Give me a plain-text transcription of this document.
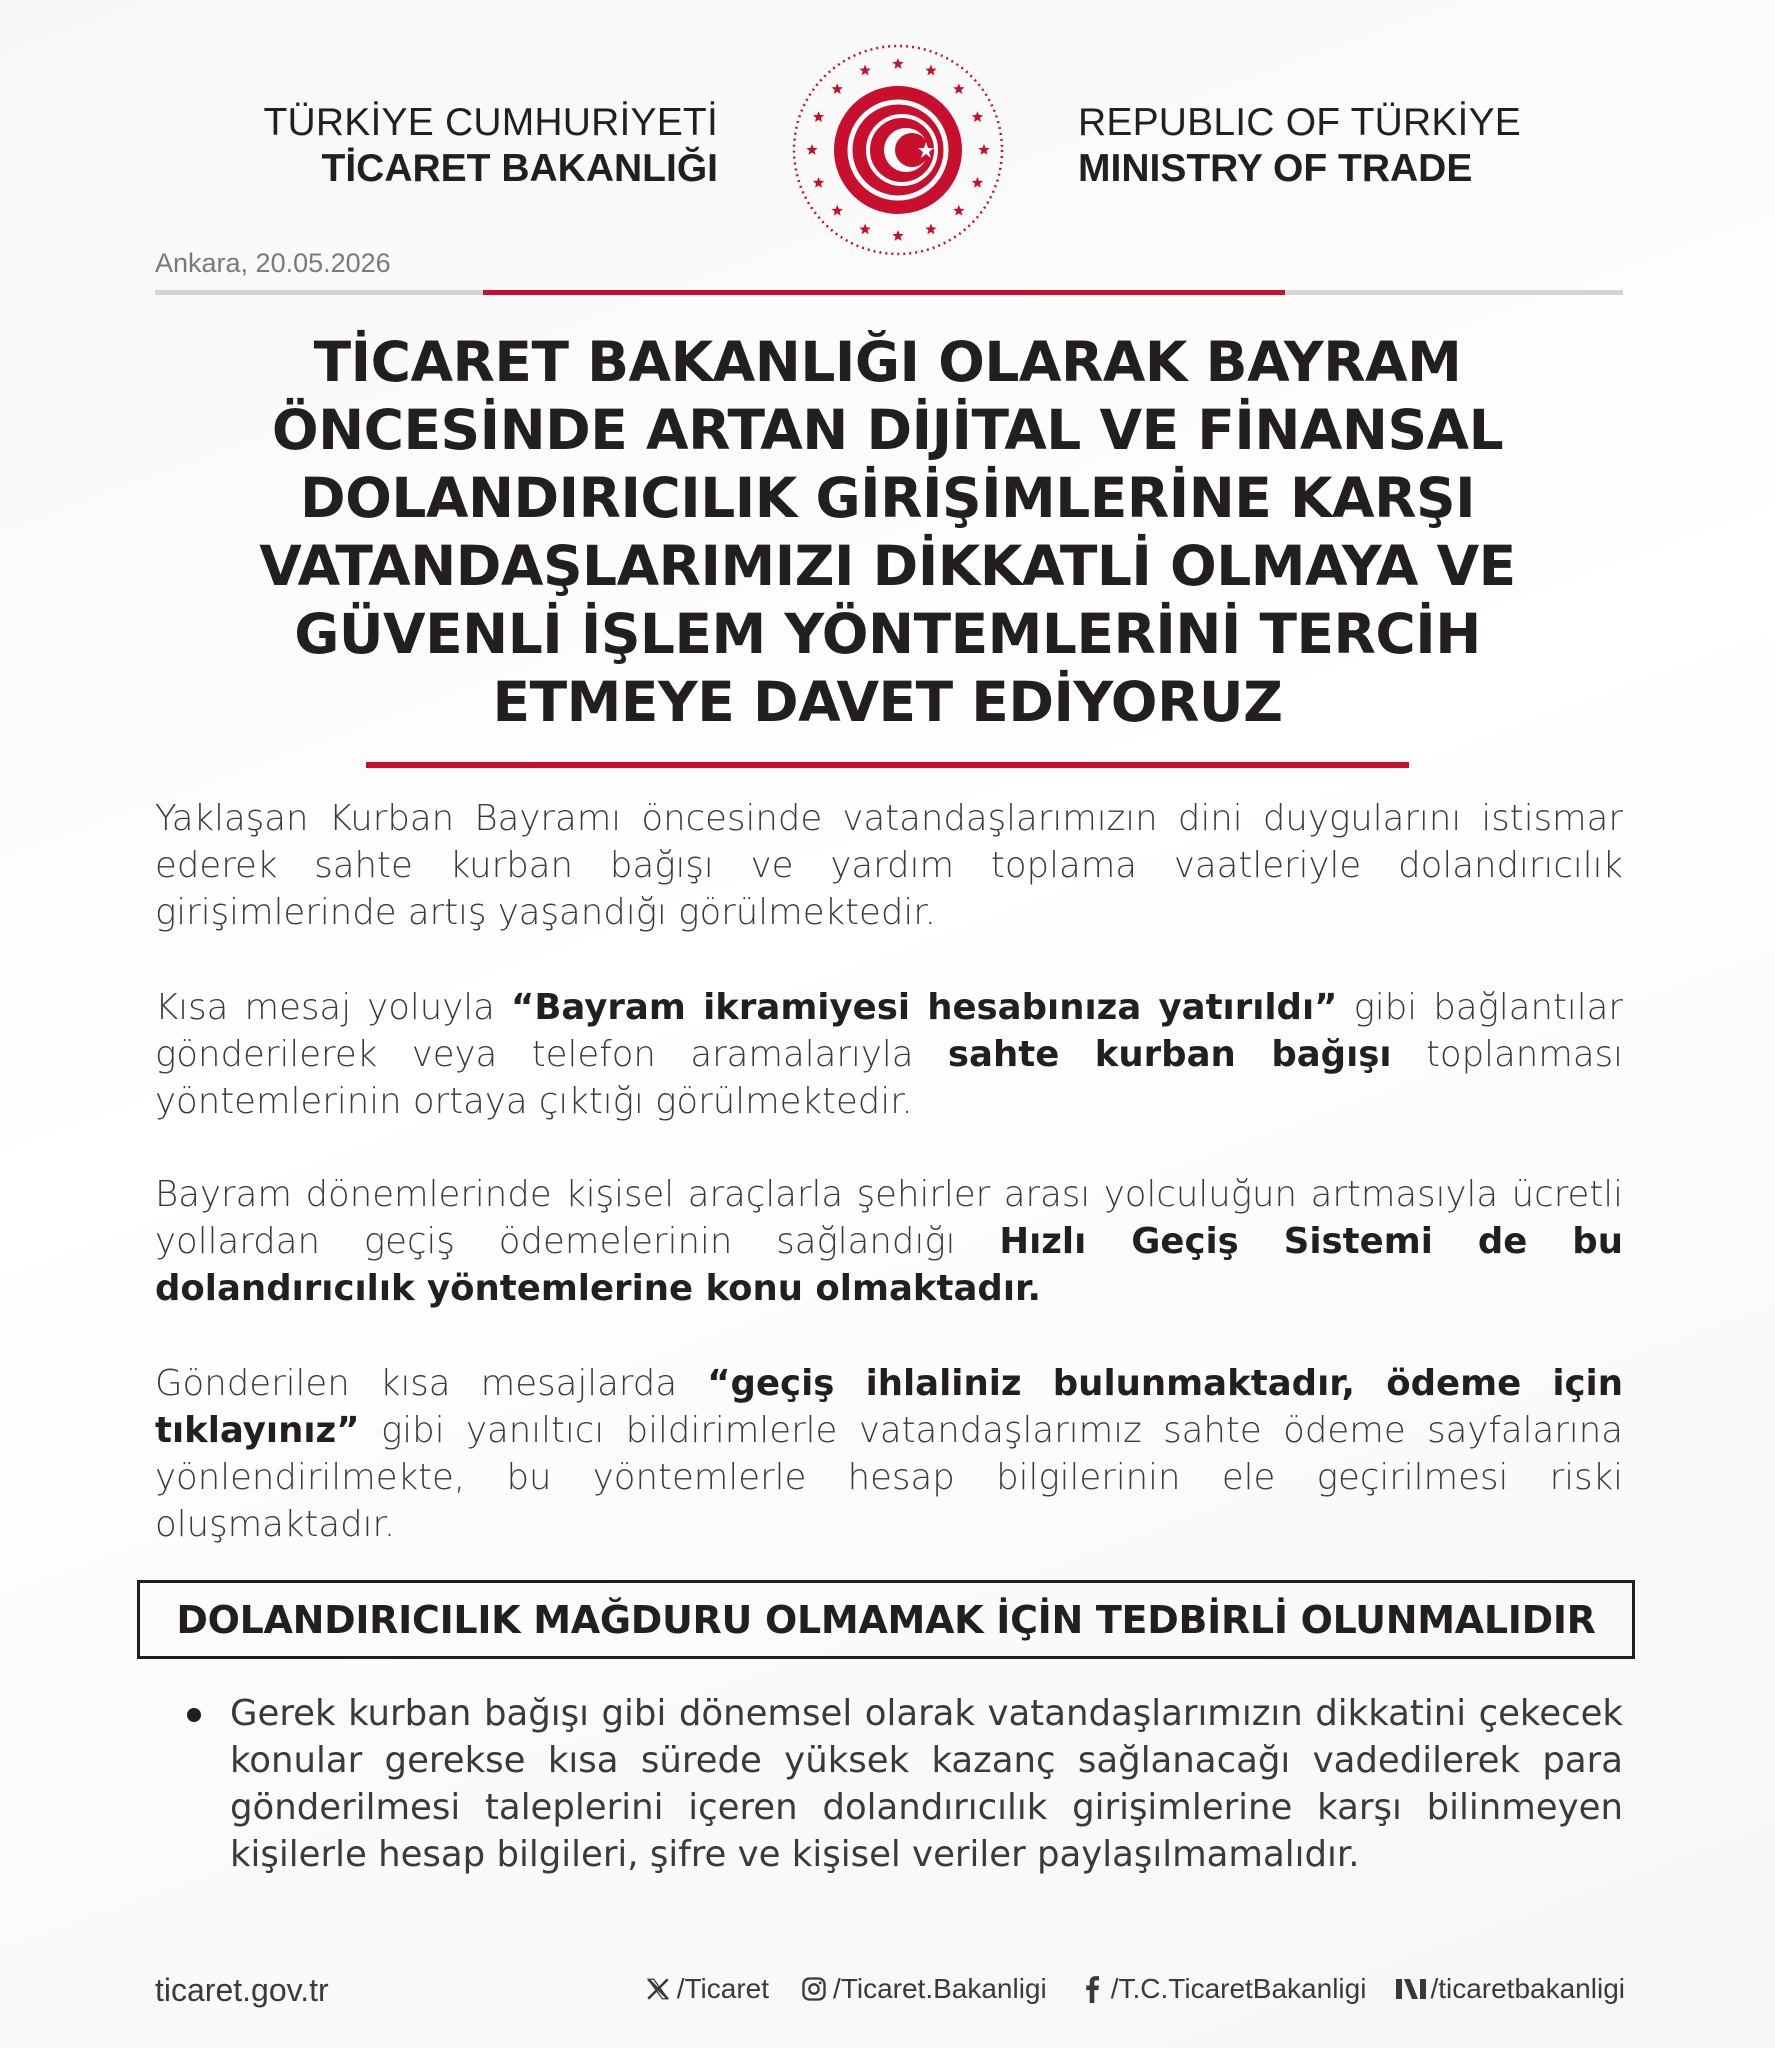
TÜRKİYE CUMHURİYETİ
TİCARET BAKANLIĞI
REPUBLIC OF TÜRKİYE
MINISTRY OF TRADE
Ankara, 20.05.2026
TİCARET BAKANLIĞI OLARAK BAYRAM
ÖNCESİNDE ARTAN DİJİTAL VE FİNANSAL
DOLANDIRICILIK GİRİŞİMLERİNE KARŞI
VATANDAŞLARIMIZI DİKKATLİ OLMAYA VE
GÜVENLİ İŞLEM YÖNTEMLERİNİ TERCİH
ETMEYE DAVET EDİYORUZ
Yaklaşan Kurban Bayramı öncesinde vatandaşlarımızın dini duygularını istismar ederek sahte kurban bağışı ve yardım toplama vaatleriyle dolandırıcılık girişimlerinde artış yaşandığı görülmektedir.
Kısa mesaj yoluyla “Bayram ikramiyesi hesabınıza yatırıldı” gibi bağlantılar gönderilerek veya telefon aramalarıyla sahte kurban bağışı toplanması yöntemlerinin ortaya çıktığı görülmektedir.
Bayram dönemlerinde kişisel araçlarla şehirler arası yolculuğun artmasıyla ücretli yollardan geçiş ödemelerinin sağlandığı Hızlı Geçiş Sistemi de bu dolandırıcılık yöntemlerine konu olmaktadır.
Gönderilen kısa mesajlarda “geçiş ihlaliniz bulunmaktadır, ödeme için tıklayınız” gibi yanıltıcı bildirimlerle vatandaşlarımız sahte ödeme sayfalarına yönlendirilmekte, bu yöntemlerle hesap bilgilerinin ele geçirilmesi riski oluşmaktadır.
DOLANDIRICILIK MAĞDURU OLMAMAK İÇİN TEDBİRLİ OLUNMALIDIR
Gerek kurban bağışı gibi dönemsel olarak vatandaşlarımızın dikkatini çekecek konular gerekse kısa sürede yüksek kazanç sağlanacağı vadedilerek para gönderilmesi taleplerini içeren dolandırıcılık girişimlerine karşı bilinmeyen kişilerle hesap bilgileri, şifre ve kişisel veriler paylaşılmamalıdır.
ticaret.gov.tr	/Ticaret /Ticaret.Bakanligi /T.C.TicaretBakanligi /ticaretbakanligi
